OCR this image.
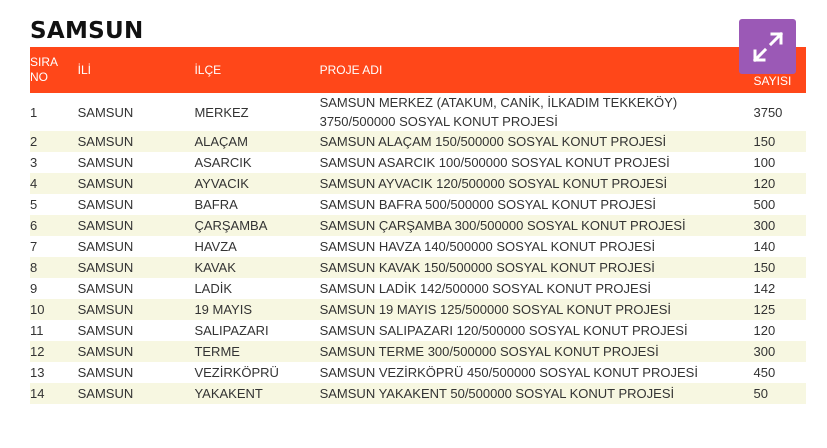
SAMSUN
SIRA NO	İLİ	İLÇE	PROJE ADI	SAYISI
1	SAMSUN	MERKEZ	SAMSUN MERKEZ (ATAKUM, CANİK, İLKADIM TEKKEKÖY) 3750/500000 SOSYAL KONUT PROJESİ	3750
2	SAMSUN	ALAÇAM	SAMSUN ALAÇAM 150/500000 SOSYAL KONUT PROJESİ	150
3	SAMSUN	ASARCIK	SAMSUN ASARCIK 100/500000 SOSYAL KONUT PROJESİ	100
4	SAMSUN	AYVACIK	SAMSUN AYVACIK 120/500000 SOSYAL KONUT PROJESİ	120
5	SAMSUN	BAFRA	SAMSUN BAFRA 500/500000 SOSYAL KONUT PROJESİ	500
6	SAMSUN	ÇARŞAMBA	SAMSUN ÇARŞAMBA 300/500000 SOSYAL KONUT PROJESİ	300
7	SAMSUN	HAVZA	SAMSUN HAVZA 140/500000 SOSYAL KONUT PROJESİ	140
8	SAMSUN	KAVAK	SAMSUN KAVAK 150/500000 SOSYAL KONUT PROJESİ	150
9	SAMSUN	LADİK	SAMSUN LADİK 142/500000 SOSYAL KONUT PROJESİ	142
10	SAMSUN	19 MAYIS	SAMSUN 19 MAYIS 125/500000 SOSYAL KONUT PROJESİ	125
11	SAMSUN	SALIPAZARI	SAMSUN SALIPAZARI 120/500000 SOSYAL KONUT PROJESİ	120
12	SAMSUN	TERME	SAMSUN TERME 300/500000 SOSYAL KONUT PROJESİ	300
13	SAMSUN	VEZİRKÖPRÜ	SAMSUN VEZİRKÖPRÜ 450/500000 SOSYAL KONUT PROJESİ	450
14	SAMSUN	YAKAKENT	SAMSUN YAKAKENT 50/500000 SOSYAL KONUT PROJESİ	50
